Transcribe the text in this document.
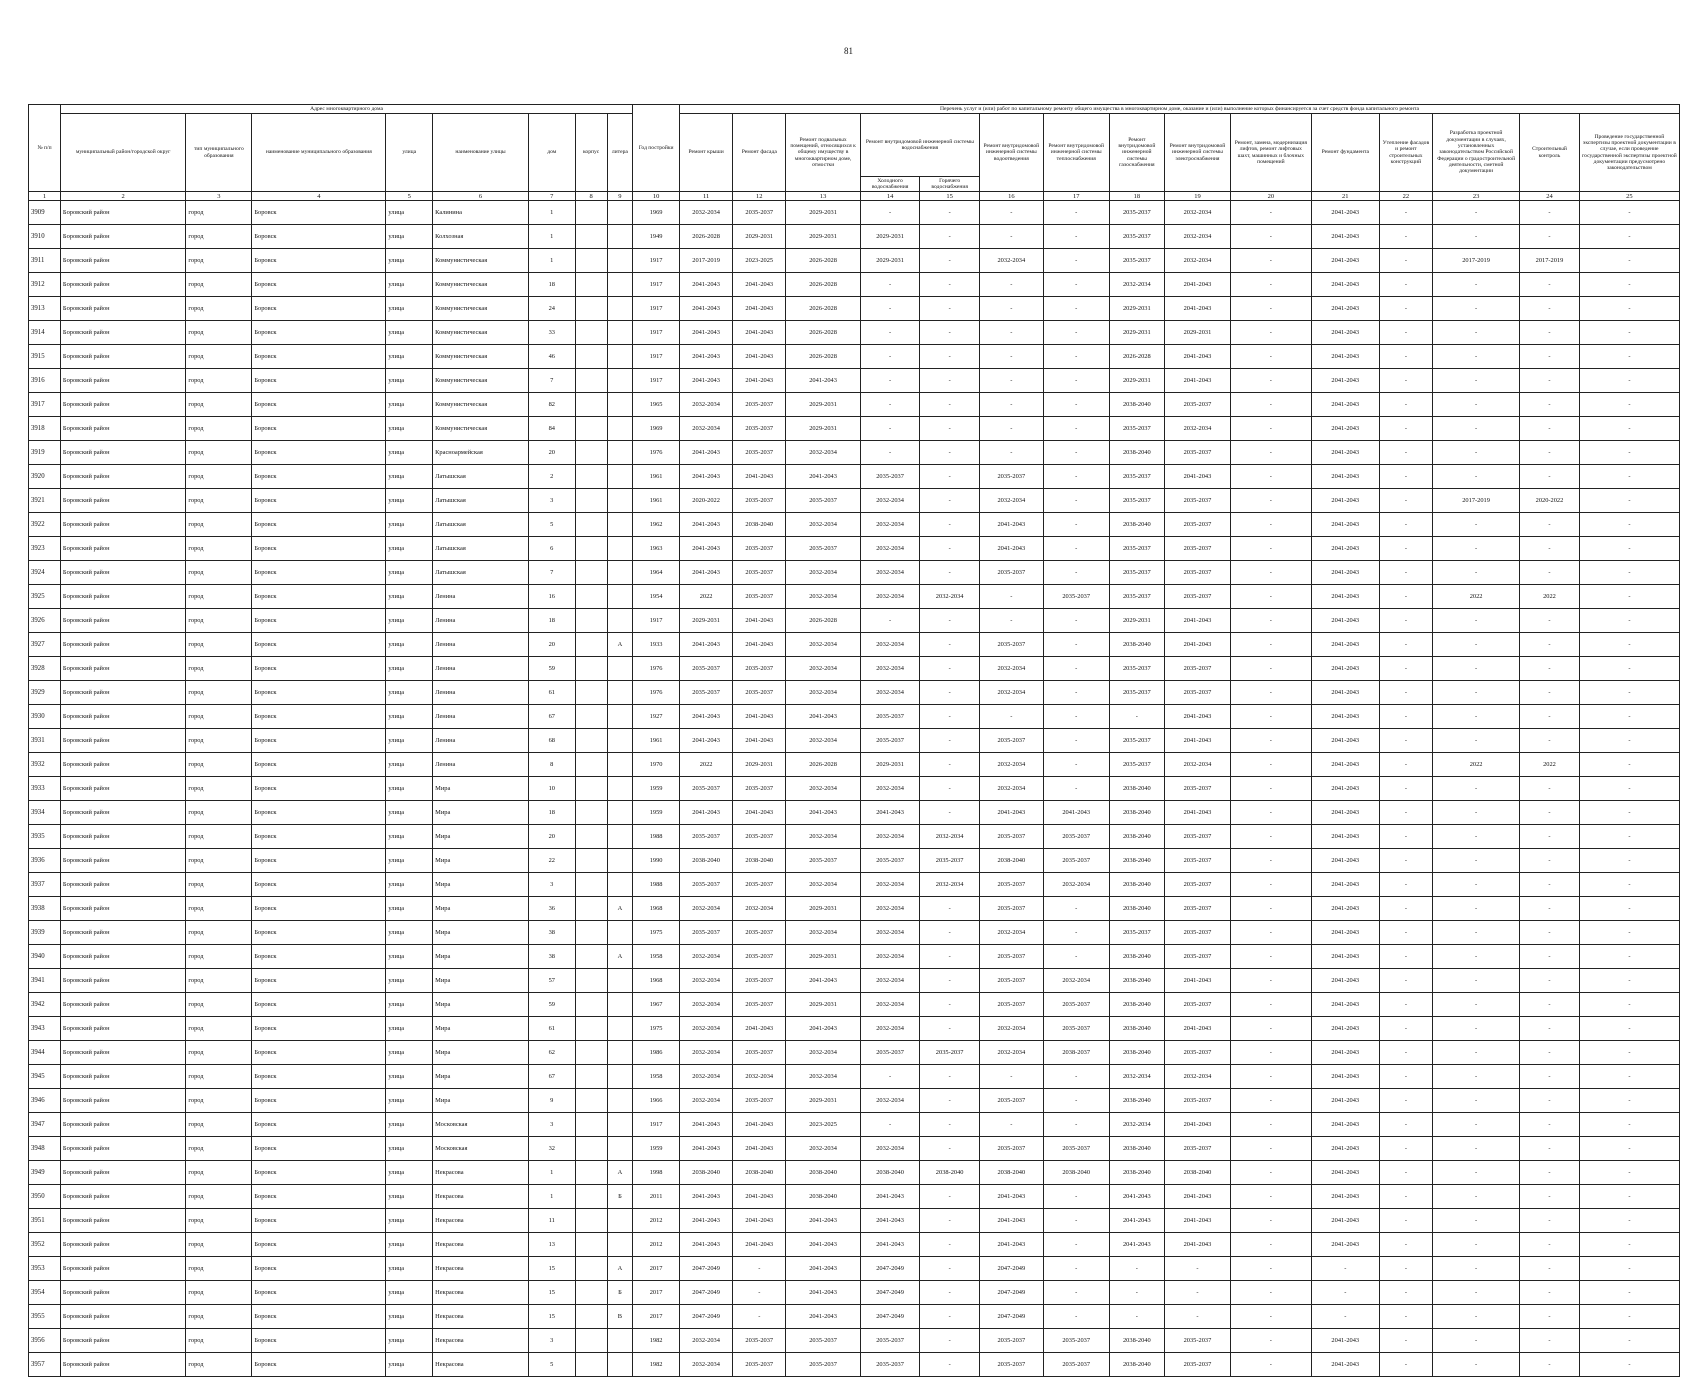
81
№ п/п	Адрес многоквартирного дома								Год постройки	Перечень услуг и (или) работ по капитальному ремонту общего имущества в многоквартирном доме, оказание и (или) выполнение которых финансируется за счет средств фонда капитального ремонта														
	муниципальный район/городской округ	тип муниципального образования	наименование муниципального образования	улица	наименование улицы	дом	корпус	литера		Ремонт крыши	Ремонт фасада	Ремонт подвальных помещений, относящихся к общему имуществу в многоквартирном доме, отмостки	Ремонт внутридомовой инженерной системы водоснабжения		Ремонт внутридомовой инженерной системы водоотведения	Ремонт внутридомовой инженерной системы теплоснабжения	Ремонт внутридомовой инженерной системы газоснабжения	Ремонт внутридомовой инженерной системы электроснабжения	Ремонт, замена, модернизация лифтов, ремонт лифтовых шахт, машинных и блочных помещений	Ремонт фундамента	Утепление фасадов и ремонт строительных конструкций	Разработка проектной документации в случаях, установленных законодательством Российской Федерации о градостроительной деятельности, сметной документации	Строительный контроль	Проведение государственной экспертизы проектной документации в случае, если проведение государственной экспертизы проектной документации предусмотрено законодательством
													Холодного водоснабжения	Горячего водоснабжения										
1	2	3	4	5	6	7	8	9	10	11	12	13	14	15	16	17	18	19	20	21	22	23	24	25
3909	Боровский район	город	Боровск	улица	Калинина	1			1969	2032-2034	2035-2037	2029-2031	-	-	-	-	2035-2037	2032-2034	-	2041-2043	-	-	-	-
3910	Боровский район	город	Боровск	улица	Колхозная	1			1949	2026-2028	2029-2031	2029-2031	2029-2031	-	-	-	2035-2037	2032-2034	-	2041-2043	-	-	-	-
3911	Боровский район	город	Боровск	улица	Коммунистическая	1			1917	2017-2019	2023-2025	2026-2028	2029-2031	-	2032-2034	-	2035-2037	2032-2034	-	2041-2043	-	2017-2019	2017-2019	-
3912	Боровский район	город	Боровск	улица	Коммунистическая	18			1917	2041-2043	2041-2043	2026-2028	-	-	-	-	2032-2034	2041-2043	-	2041-2043	-	-	-	-
3913	Боровский район	город	Боровск	улица	Коммунистическая	24			1917	2041-2043	2041-2043	2026-2028	-	-	-	-	2029-2031	2041-2043	-	2041-2043	-	-	-	-
3914	Боровский район	город	Боровск	улица	Коммунистическая	33			1917	2041-2043	2041-2043	2026-2028	-	-	-	-	2029-2031	2029-2031	-	2041-2043	-	-	-	-
3915	Боровский район	город	Боровск	улица	Коммунистическая	46			1917	2041-2043	2041-2043	2026-2028	-	-	-	-	2026-2028	2041-2043	-	2041-2043	-	-	-	-
3916	Боровский район	город	Боровск	улица	Коммунистическая	7			1917	2041-2043	2041-2043	2041-2043	-	-	-	-	2029-2031	2041-2043	-	2041-2043	-	-	-	-
3917	Боровский район	город	Боровск	улица	Коммунистическая	82			1965	2032-2034	2035-2037	2029-2031	-	-	-	-	2038-2040	2035-2037	-	2041-2043	-	-	-	-
3918	Боровский район	город	Боровск	улица	Коммунистическая	84			1969	2032-2034	2035-2037	2029-2031	-	-	-	-	2035-2037	2032-2034	-	2041-2043	-	-	-	-
3919	Боровский район	город	Боровск	улица	Красноармейская	20			1976	2041-2043	2035-2037	2032-2034	-	-	-	-	2038-2040	2035-2037	-	2041-2043	-	-	-	-
3920	Боровский район	город	Боровск	улица	Латышская	2			1961	2041-2043	2041-2043	2041-2043	2035-2037	-	2035-2037	-	2035-2037	2041-2043	-	2041-2043	-	-	-	-
3921	Боровский район	город	Боровск	улица	Латышская	3			1961	2020-2022	2035-2037	2035-2037	2032-2034	-	2032-2034	-	2035-2037	2035-2037	-	2041-2043	-	2017-2019	2020-2022	-
3922	Боровский район	город	Боровск	улица	Латышская	5			1962	2041-2043	2038-2040	2032-2034	2032-2034	-	2041-2043	-	2038-2040	2035-2037	-	2041-2043	-	-	-	-
3923	Боровский район	город	Боровск	улица	Латышская	6			1963	2041-2043	2035-2037	2035-2037	2032-2034	-	2041-2043	-	2035-2037	2035-2037	-	2041-2043	-	-	-	-
3924	Боровский район	город	Боровск	улица	Латышская	7			1964	2041-2043	2035-2037	2032-2034	2032-2034	-	2035-2037	-	2035-2037	2035-2037	-	2041-2043	-	-	-	-
3925	Боровский район	город	Боровск	улица	Ленина	16			1954	2022	2035-2037	2032-2034	2032-2034	2032-2034	-	2035-2037	2035-2037	2035-2037	-	2041-2043	-	2022	2022	-
3926	Боровский район	город	Боровск	улица	Ленина	18			1917	2029-2031	2041-2043	2026-2028	-	-	-	-	2029-2031	2041-2043	-	2041-2043	-	-	-	-
3927	Боровский район	город	Боровск	улица	Ленина	20		А	1933	2041-2043	2041-2043	2032-2034	2032-2034	-	2035-2037	-	2038-2040	2041-2043	-	2041-2043	-	-	-	-
3928	Боровский район	город	Боровск	улица	Ленина	59			1976	2035-2037	2035-2037	2032-2034	2032-2034	-	2032-2034	-	2035-2037	2035-2037	-	2041-2043	-	-	-	-
3929	Боровский район	город	Боровск	улица	Ленина	61			1976	2035-2037	2035-2037	2032-2034	2032-2034	-	2032-2034	-	2035-2037	2035-2037	-	2041-2043	-	-	-	-
3930	Боровский район	город	Боровск	улица	Ленина	67			1927	2041-2043	2041-2043	2041-2043	2035-2037	-	-	-	-	2041-2043	-	2041-2043	-	-	-	-
3931	Боровский район	город	Боровск	улица	Ленина	68			1961	2041-2043	2041-2043	2032-2034	2035-2037	-	2035-2037	-	2035-2037	2041-2043	-	2041-2043	-	-	-	-
3932	Боровский район	город	Боровск	улица	Ленина	8			1970	2022	2029-2031	2026-2028	2029-2031	-	2032-2034	-	2035-2037	2032-2034	-	2041-2043	-	2022	2022	-
3933	Боровский район	город	Боровск	улица	Мира	10			1959	2035-2037	2035-2037	2032-2034	2032-2034	-	2032-2034	-	2038-2040	2035-2037	-	2041-2043	-	-	-	-
3934	Боровский район	город	Боровск	улица	Мира	18			1959	2041-2043	2041-2043	2041-2043	2041-2043	-	2041-2043	2041-2043	2038-2040	2041-2043	-	2041-2043	-	-	-	-
3935	Боровский район	город	Боровск	улица	Мира	20			1988	2035-2037	2035-2037	2032-2034	2032-2034	2032-2034	2035-2037	2035-2037	2038-2040	2035-2037	-	2041-2043	-	-	-	-
3936	Боровский район	город	Боровск	улица	Мира	22			1990	2038-2040	2038-2040	2035-2037	2035-2037	2035-2037	2038-2040	2035-2037	2038-2040	2035-2037	-	2041-2043	-	-	-	-
3937	Боровский район	город	Боровск	улица	Мира	3			1988	2035-2037	2035-2037	2032-2034	2032-2034	2032-2034	2035-2037	2032-2034	2038-2040	2035-2037	-	2041-2043	-	-	-	-
3938	Боровский район	город	Боровск	улица	Мира	36		А	1968	2032-2034	2032-2034	2029-2031	2032-2034	-	2035-2037	-	2038-2040	2035-2037	-	2041-2043	-	-	-	-
3939	Боровский район	город	Боровск	улица	Мира	38			1975	2035-2037	2035-2037	2032-2034	2032-2034	-	2032-2034	-	2035-2037	2035-2037	-	2041-2043	-	-	-	-
3940	Боровский район	город	Боровск	улица	Мира	38		А	1958	2032-2034	2035-2037	2029-2031	2032-2034	-	2035-2037	-	2038-2040	2035-2037	-	2041-2043	-	-	-	-
3941	Боровский район	город	Боровск	улица	Мира	57			1968	2032-2034	2035-2037	2041-2043	2032-2034	-	2035-2037	2032-2034	2038-2040	2041-2043	-	2041-2043	-	-	-	-
3942	Боровский район	город	Боровск	улица	Мира	59			1967	2032-2034	2035-2037	2029-2031	2032-2034	-	2035-2037	2035-2037	2038-2040	2035-2037	-	2041-2043	-	-	-	-
3943	Боровский район	город	Боровск	улица	Мира	61			1975	2032-2034	2041-2043	2041-2043	2032-2034	-	2032-2034	2035-2037	2038-2040	2041-2043	-	2041-2043	-	-	-	-
3944	Боровский район	город	Боровск	улица	Мира	62			1986	2032-2034	2035-2037	2032-2034	2035-2037	2035-2037	2032-2034	2038-2037	2038-2040	2035-2037	-	2041-2043	-	-	-	-
3945	Боровский район	город	Боровск	улица	Мира	67			1958	2032-2034	2032-2034	2032-2034	-	-	-	-	2032-2034	2032-2034	-	2041-2043	-	-	-	-
3946	Боровский район	город	Боровск	улица	Мира	9			1966	2032-2034	2035-2037	2029-2031	2032-2034	-	2035-2037	-	2038-2040	2035-2037	-	2041-2043	-	-	-	-
3947	Боровский район	город	Боровск	улица	Московская	3			1917	2041-2043	2041-2043	2023-2025	-	-	-	-	2032-2034	2041-2043	-	2041-2043	-	-	-	-
3948	Боровский район	город	Боровск	улица	Московская	32			1959	2041-2043	2041-2043	2032-2034	2032-2034	-	2035-2037	2035-2037	2038-2040	2035-2037	-	2041-2043	-	-	-	-
3949	Боровский район	город	Боровск	улица	Некрасова	1		А	1998	2038-2040	2038-2040	2038-2040	2038-2040	2038-2040	2038-2040	2038-2040	2038-2040	2038-2040	-	2041-2043	-	-	-	-
3950	Боровский район	город	Боровск	улица	Некрасова	1		Б	2011	2041-2043	2041-2043	2038-2040	2041-2043	-	2041-2043	-	2041-2043	2041-2043	-	2041-2043	-	-	-	-
3951	Боровский район	город	Боровск	улица	Некрасова	11			2012	2041-2043	2041-2043	2041-2043	2041-2043	-	2041-2043	-	2041-2043	2041-2043	-	2041-2043	-	-	-	-
3952	Боровский район	город	Боровск	улица	Некрасова	13			2012	2041-2043	2041-2043	2041-2043	2041-2043	-	2041-2043	-	2041-2043	2041-2043	-	2041-2043	-	-	-	-
3953	Боровский район	город	Боровск	улица	Некрасова	15		А	2017	2047-2049	-	2041-2043	2047-2049	-	2047-2049	-	-	-	-	-	-	-	-	-
3954	Боровский район	город	Боровск	улица	Некрасова	15		Б	2017	2047-2049	-	2041-2043	2047-2049	-	2047-2049	-	-	-	-	-	-	-	-	-
3955	Боровский район	город	Боровск	улица	Некрасова	15		В	2017	2047-2049	-	2041-2043	2047-2049	-	2047-2049	-	-	-	-	-	-	-	-	-
3956	Боровский район	город	Боровск	улица	Некрасова	3			1982	2032-2034	2035-2037	2035-2037	2035-2037	-	2035-2037	2035-2037	2038-2040	2035-2037	-	2041-2043	-	-	-	-
3957	Боровский район	город	Боровск	улица	Некрасова	5			1982	2032-2034	2035-2037	2035-2037	2035-2037	-	2035-2037	2035-2037	2038-2040	2035-2037	-	2041-2043	-	-	-	-
